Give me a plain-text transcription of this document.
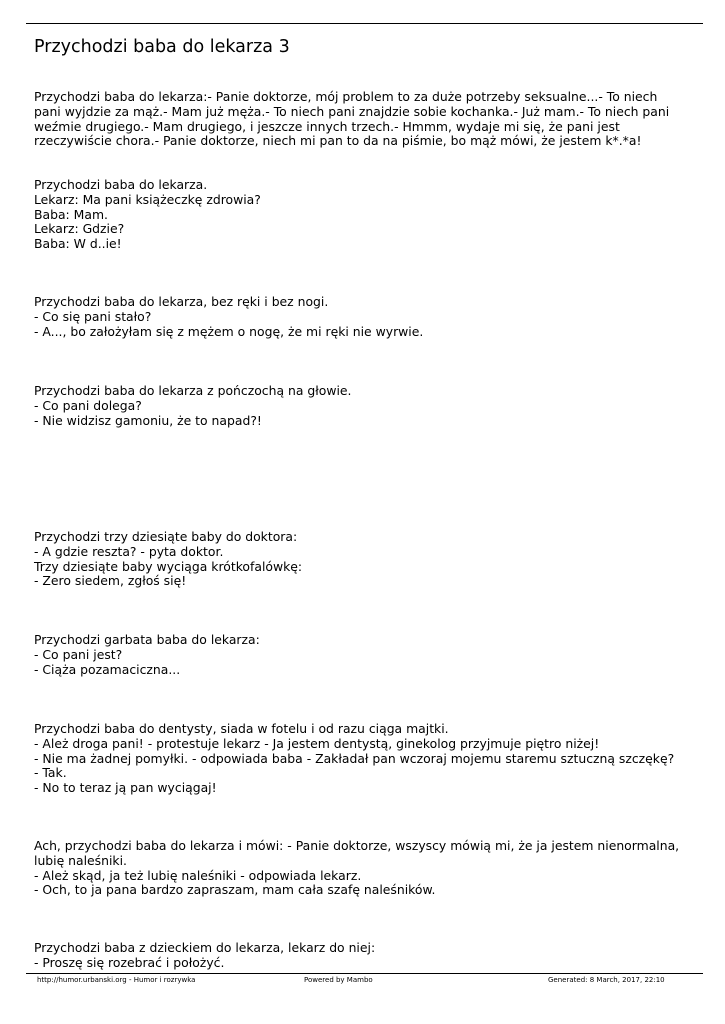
Przychodzi baba do lekarza 3
Przychodzi baba do lekarza:- Panie doktorze, mój problem to za duże potrzeby seksualne...- To niech
pani wyjdzie za mąż.- Mam już męża.- To niech pani znajdzie sobie kochanka.- Już mam.- To niech pani
weźmie drugiego.- Mam drugiego, i jeszcze innych trzech.- Hmmm, wydaje mi się, że pani jest
rzeczywiście chora.- Panie doktorze, niech mi pan to da na piśmie, bo mąż mówi, że jestem k*.*a!
Przychodzi baba do lekarza.
Lekarz: Ma pani książeczkę zdrowia?
Baba: Mam.
Lekarz: Gdzie?
Baba: W d..ie!
Przychodzi baba do lekarza, bez ręki i bez nogi.
- Co się pani stało?
- A..., bo założyłam się z mężem o nogę, że mi ręki nie wyrwie.
Przychodzi baba do lekarza z pończochą na głowie.
- Co pani dolega?
- Nie widzisz gamoniu, że to napad?!
Przychodzi trzy dziesiąte baby do doktora:
- A gdzie reszta? - pyta doktor.
Trzy dziesiąte baby wyciąga krótkofalówkę:
- Zero siedem, zgłoś się!
Przychodzi garbata baba do lekarza:
- Co pani jest?
- Ciąża pozamaciczna...
Przychodzi baba do dentysty, siada w fotelu i od razu ciąga majtki.
- Ależ droga pani! - protestuje lekarz - Ja jestem dentystą, ginekolog przyjmuje piętro niżej!
- Nie ma żadnej pomyłki. - odpowiada baba - Zakładał pan wczoraj mojemu staremu sztuczną szczękę?
- Tak.
- No to teraz ją pan wyciągaj!
Ach, przychodzi baba do lekarza i mówi: - Panie doktorze, wszyscy mówią mi, że ja jestem nienormalna,
lubię naleśniki.
- Ależ skąd, ja też lubię naleśniki - odpowiada lekarz.
- Och, to ja pana bardzo zapraszam, mam cała szafę naleśników.
Przychodzi baba z dzieckiem do lekarza, lekarz do niej:
- Proszę się rozebrać i położyć.
http://humor.urbanski.org - Humor i rozrywka	Powered by Mambo	Generated: 8 March, 2017, 22:10
